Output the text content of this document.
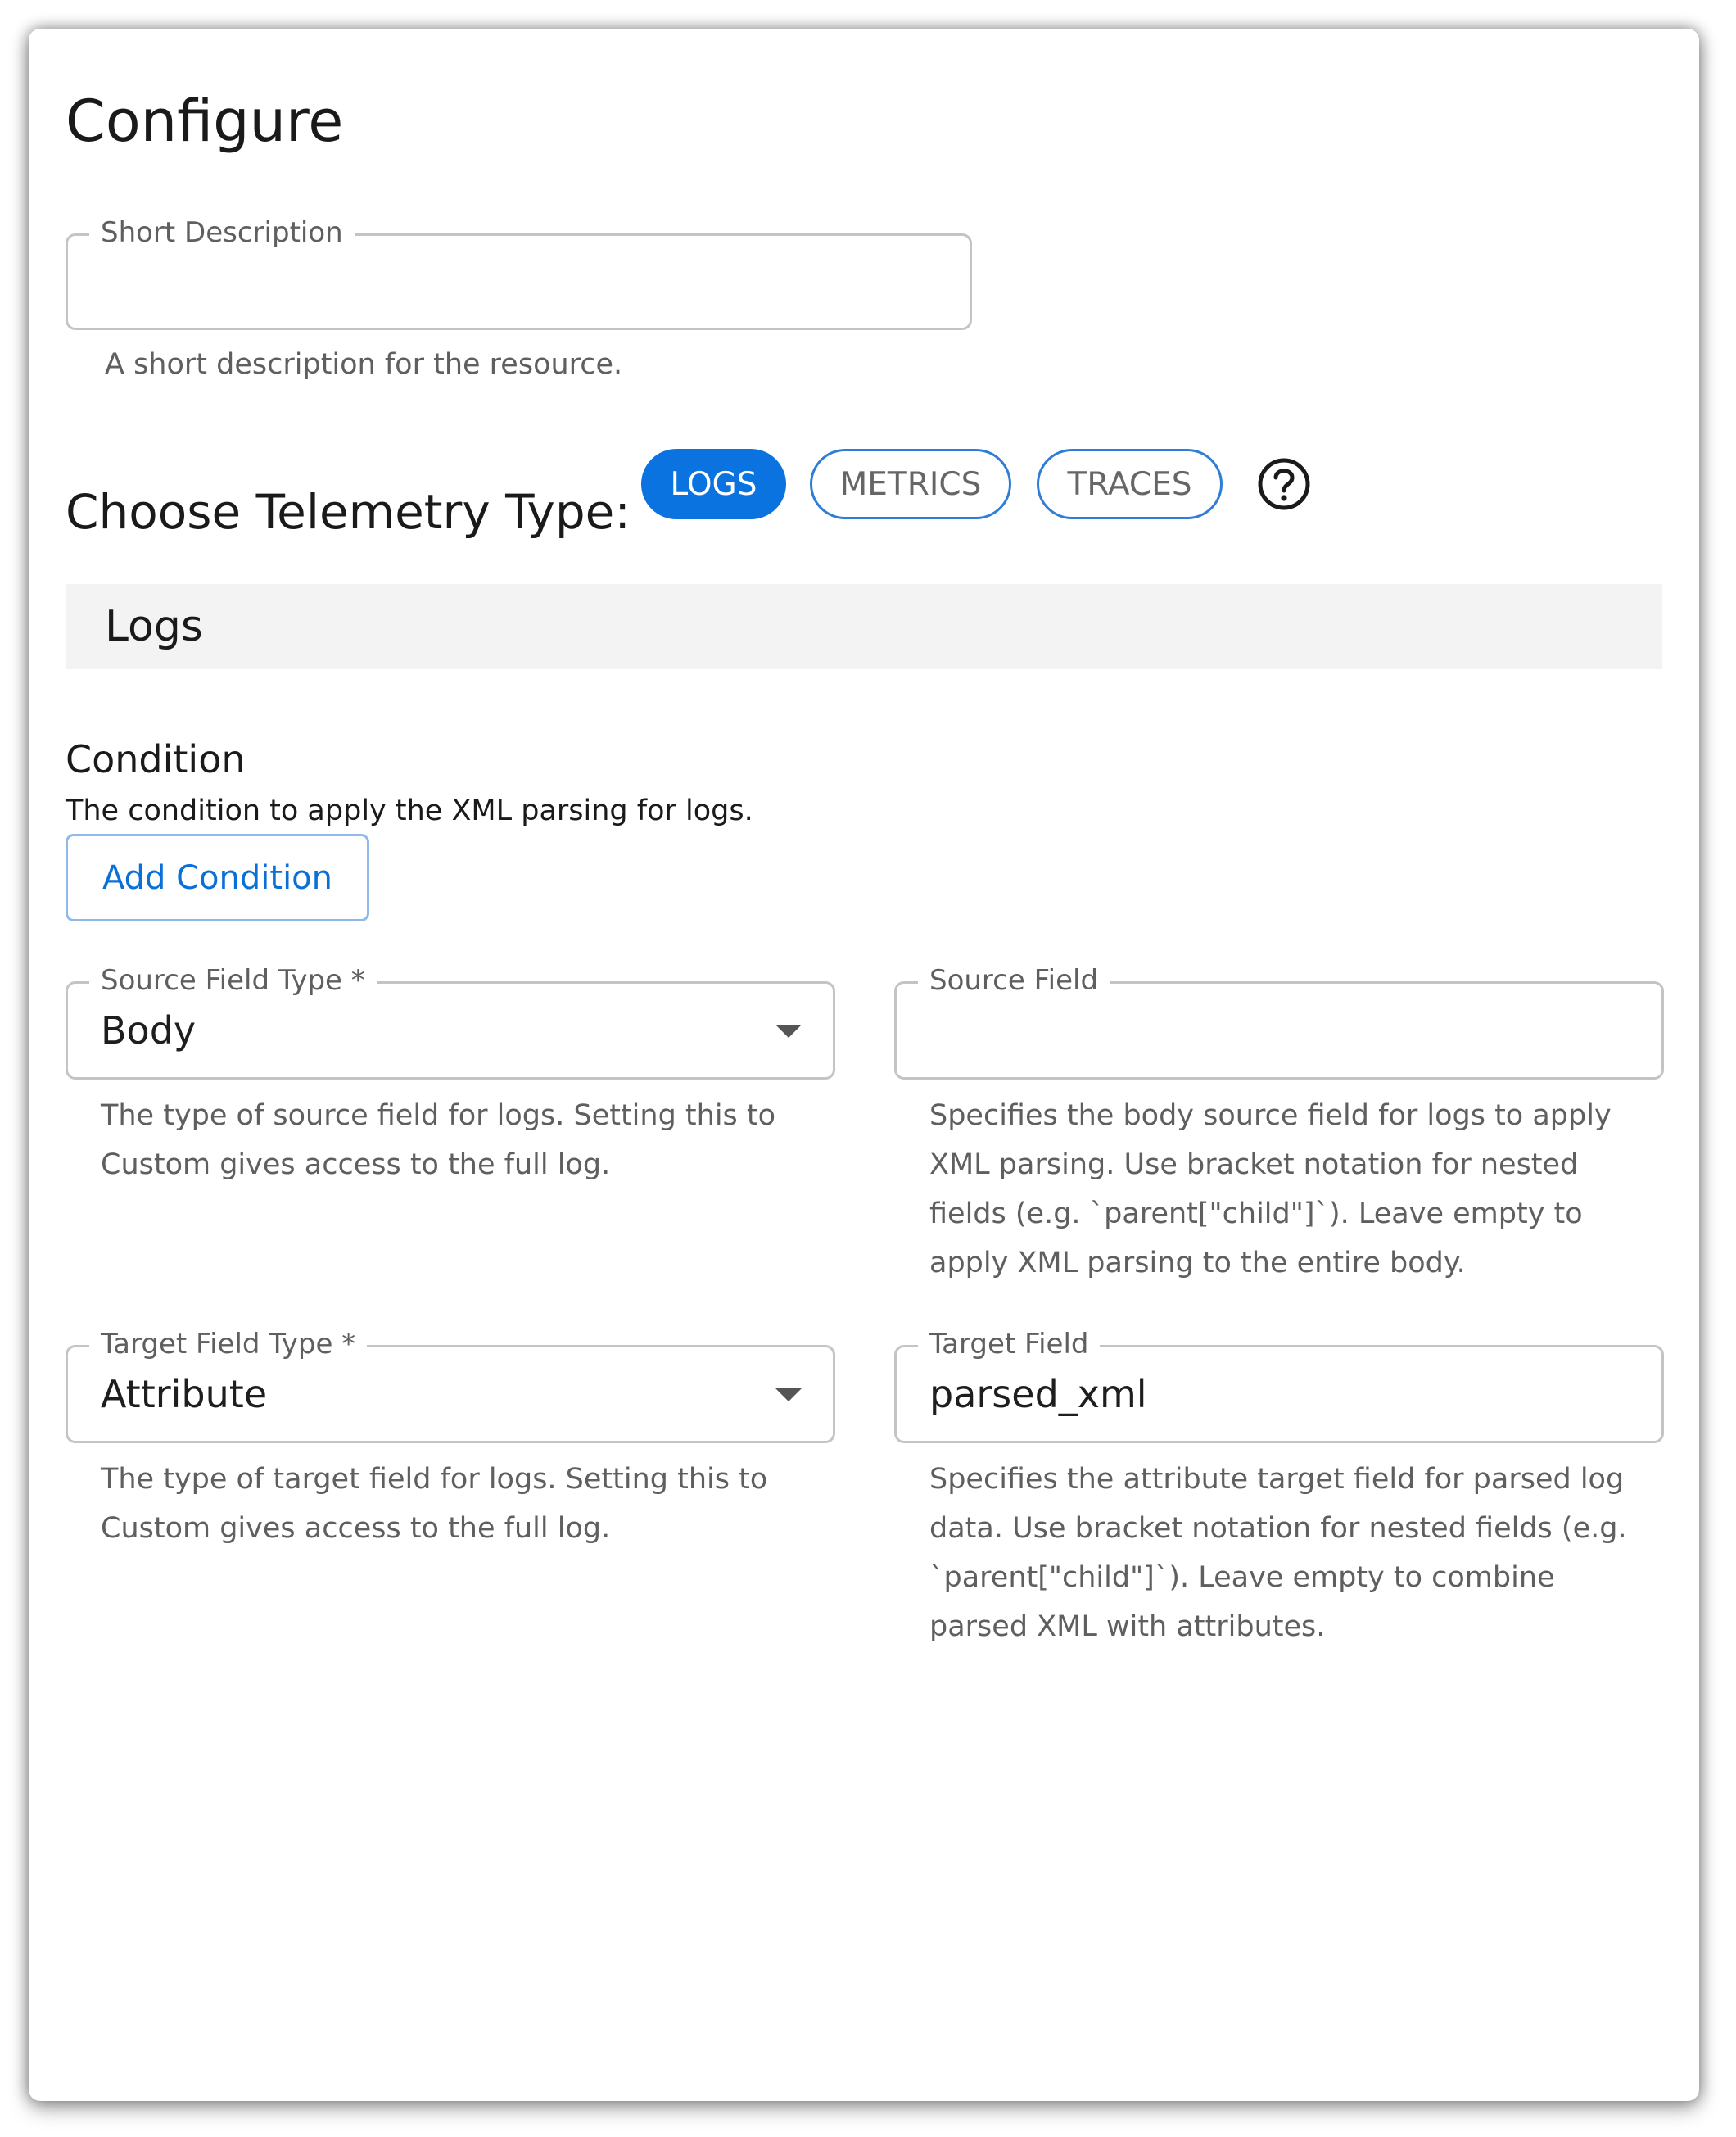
Configure
Short Description
A short description for the resource.
Choose Telemetry Type:	LOGS	METRICS	TRACES
Logs
Condition
The condition to apply the XML parsing for logs.
Add Condition
Source Field Type *
Body
The type of source field for logs. Setting this to
Custom gives access to the full log.
Source Field
Specifies the body source field for logs to apply
XML parsing. Use bracket notation for nested
fields (e.g. `parent["child"]`). Leave empty to
apply XML parsing to the entire body.
Target Field Type *
Attribute
The type of target field for logs. Setting this to
Custom gives access to the full log.
Target Field
parsed_xml
Specifies the attribute target field for parsed log
data. Use bracket notation for nested fields (e.g.
`parent["child"]`). Leave empty to combine
parsed XML with attributes.
